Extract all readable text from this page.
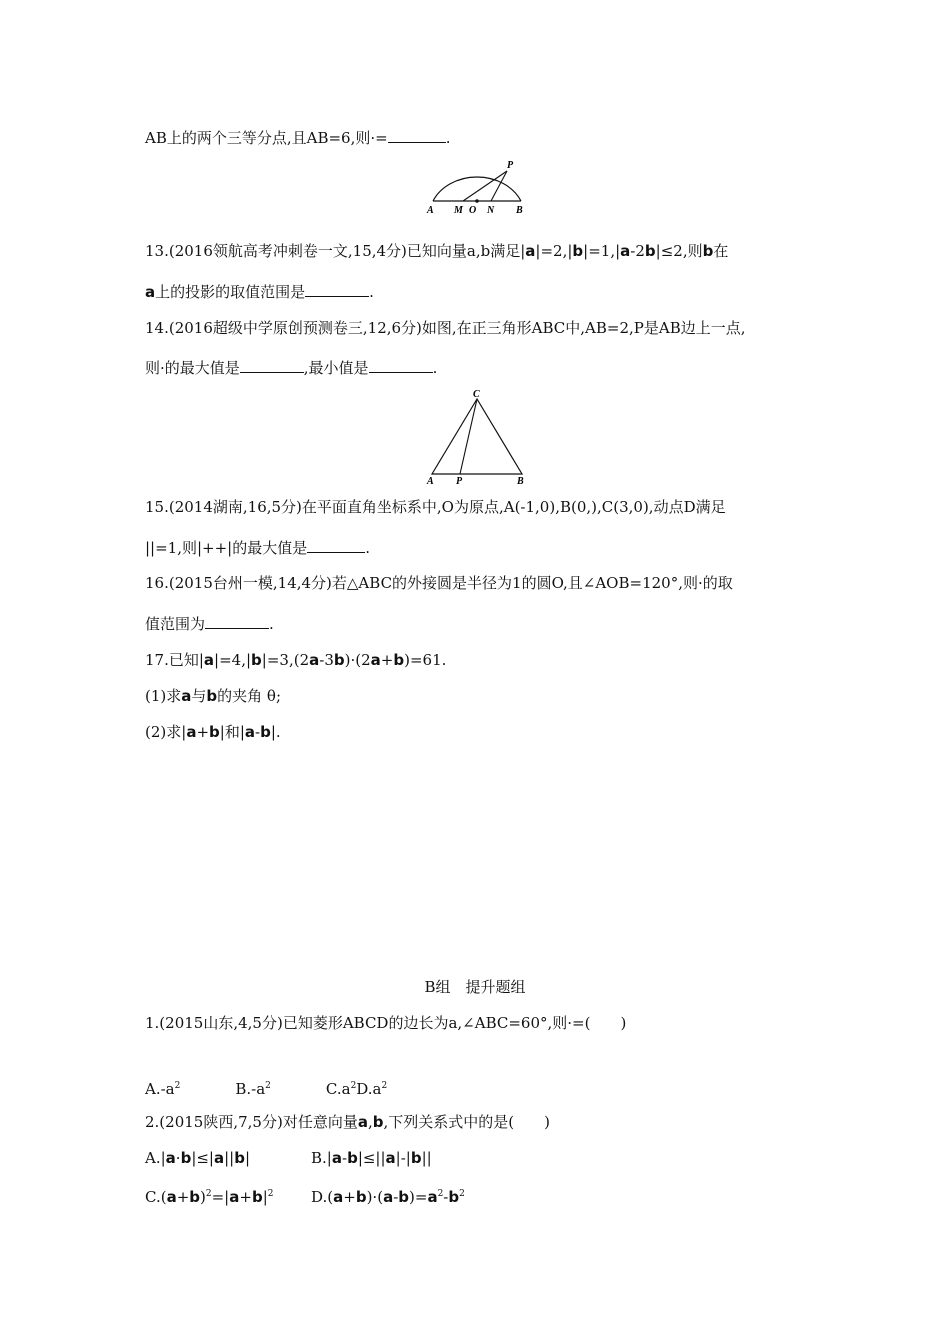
AB上的两个三等分点,且AB=6,则·=	.
P
A M O N B
13.(2016领航高考冲刺卷一文,15,4分)已知向量a,b满足|a|=2,|b|=1,|a-2b|≤2,则b在
a上的投影的取值范围是	.
14.(2016超级中学原创预测卷三,12,6分)如图,在正三角形ABC中,AB=2,P是AB边上一点,
则·的最大值是	,最小值是	.
C
A P	B
15.(2014湖南,16,5分)在平面直角坐标系中,O为原点,A(-1,0),B(0,),C(3,0),动点D满足
||=1,则|++|的最大值是	.
16.(2015台州一模,14,4分)若△ABC的外接圆是半径为1的圆O,且∠AOB=120°,则·的取
值范围为	.
17.已知|a|=4,|b|=3,(2a-3b)·(2a+b)=61.
(1)求a与b的夹角 θ;
(2)求|a+b|和|a-b|.
B组　提升题组
1.(2015山东,4,5分)已知菱形ABCD的边长为a,∠ABC=60°,则·=(　　)
$A.-a^2$	$B.-a^2$	$C.a^2D.a^2$
2.(2015陕西,7,5分)对任意向量a,b,下列关系式中的是(　　)
A.|a·b|≤|a||b|	B.|a-b|≤||a|-|b||
$C.(a+b)^2=|a+b|^2$	$D.(a+b)\cdot(a-b)=a^2-b^2$
